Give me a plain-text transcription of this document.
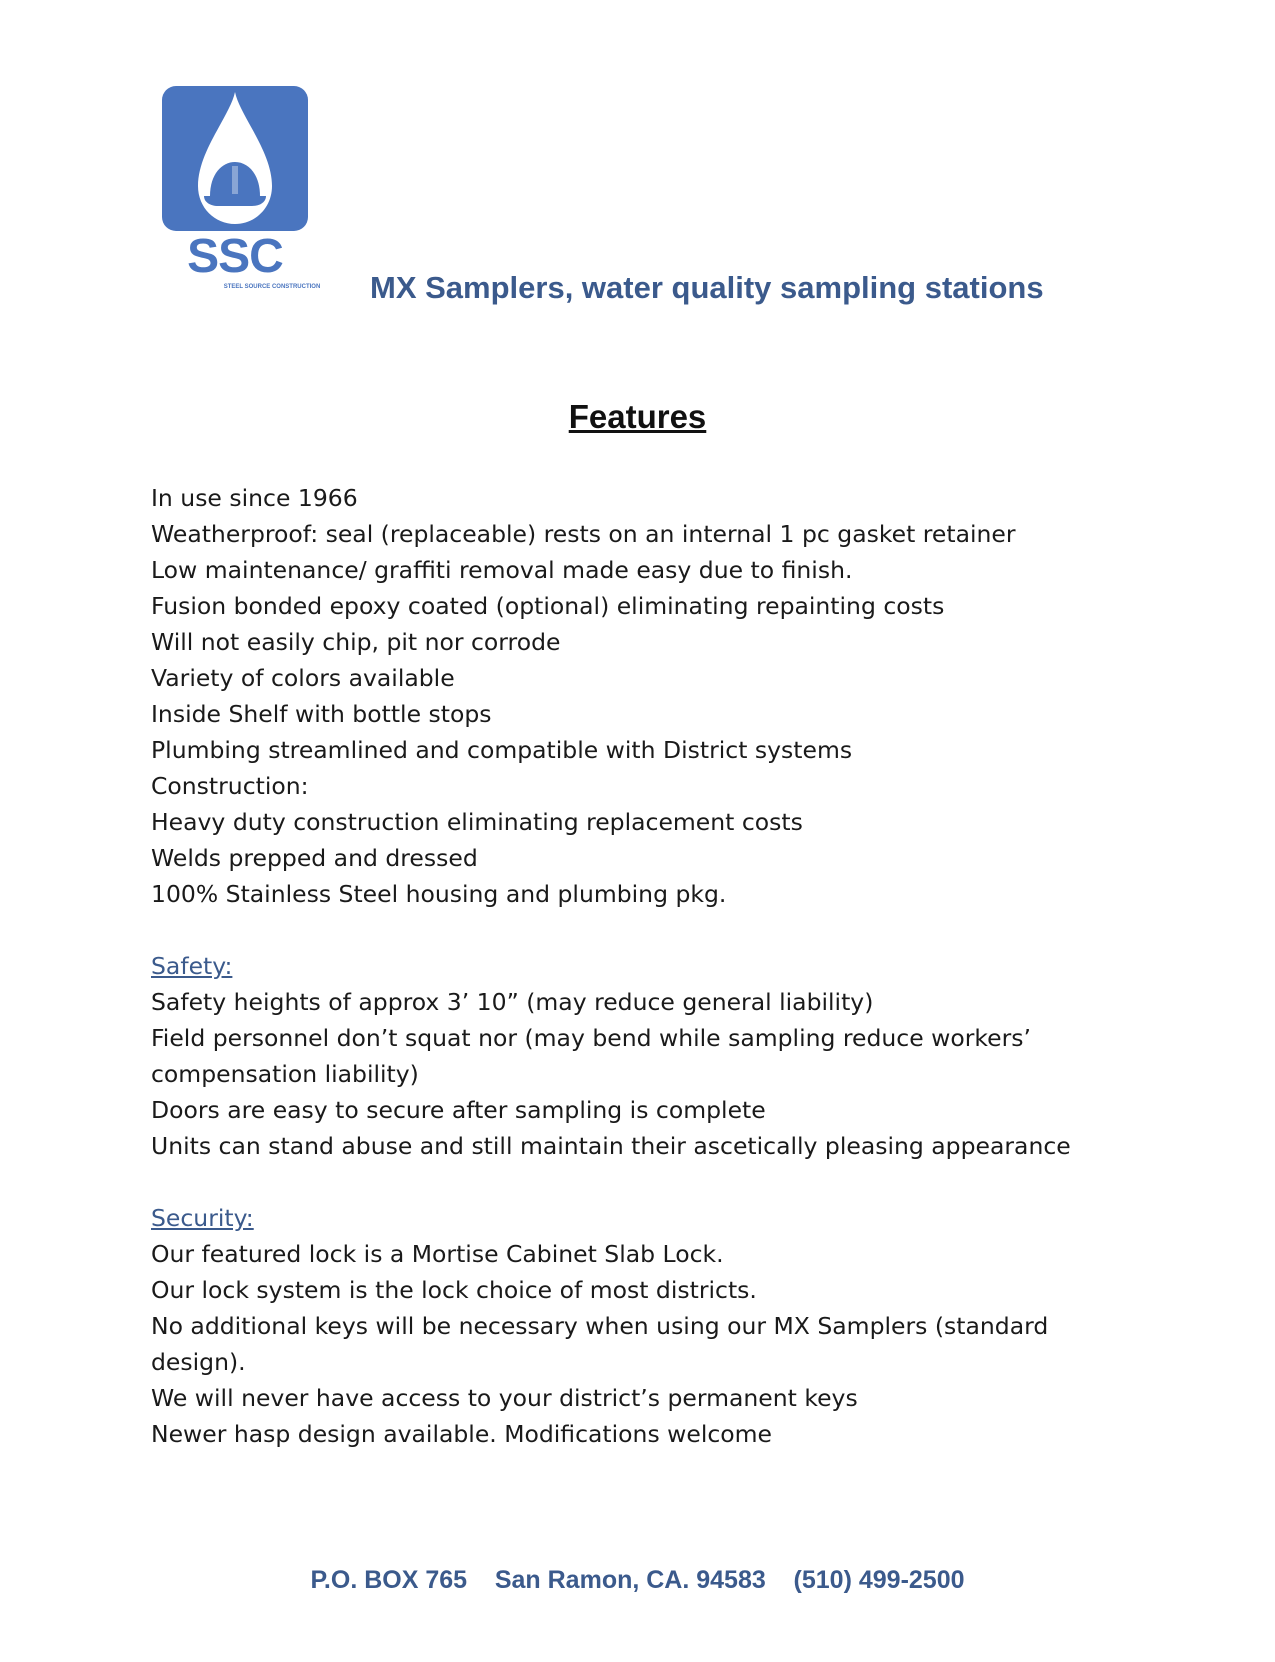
SSC
STEEL SOURCE CONSTRUCTION MX Samplers, water quality sampling stations
Features
In use since 1966
Weatherproof: seal (replaceable) rests on an internal 1 pc gasket retainer
Low maintenance/ graffiti removal made easy due to finish.
Fusion bonded epoxy coated (optional) eliminating repainting costs
Will not easily chip, pit nor corrode
Variety of colors available
Inside Shelf with bottle stops
Plumbing streamlined and compatible with District systems
Construction:
Heavy duty construction eliminating replacement costs
Welds prepped and dressed
100% Stainless Steel housing and plumbing pkg.
Safety:
Safety heights of approx 3’ 10” (may reduce general liability)
Field personnel don’t squat nor (may bend while sampling reduce workers’ compensation liability)
Doors are easy to secure after sampling is complete
Units can stand abuse and still maintain their ascetically pleasing appearance
Security:
Our featured lock is a Mortise Cabinet Slab Lock.
Our lock system is the lock choice of most districts.
No additional keys will be necessary when using our MX Samplers (standard design).
We will never have access to your district’s permanent keys
Newer hasp design available. Modifications welcome
P.O. BOX 765    San Ramon, CA. 94583    (510) 499-2500
